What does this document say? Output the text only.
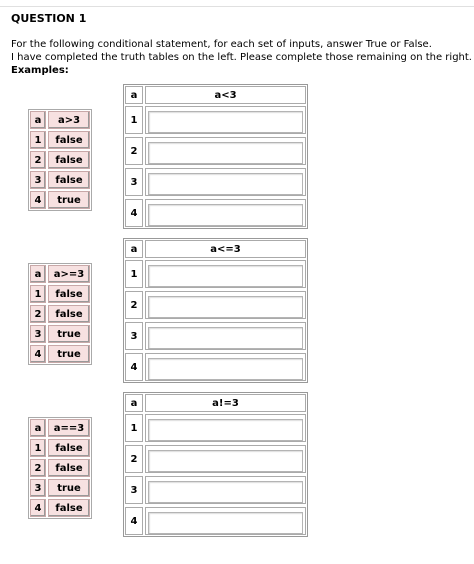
QUESTION 1
For the following conditional statement, for each set of inputs, answer True or False.
I have completed the truth tables on the left. Please complete those remaining on the right.
Examples:
a	a>3
1	false
2	false
3	false
4	true
a	a>=3
1	false
2	false
3	true
4	true
a	a==3
1	false
2	false
3	true
4	false
a	a<3
1
2
3
4
a	a<=3
1
2
3
4
a	a!=3
1
2
3
4
